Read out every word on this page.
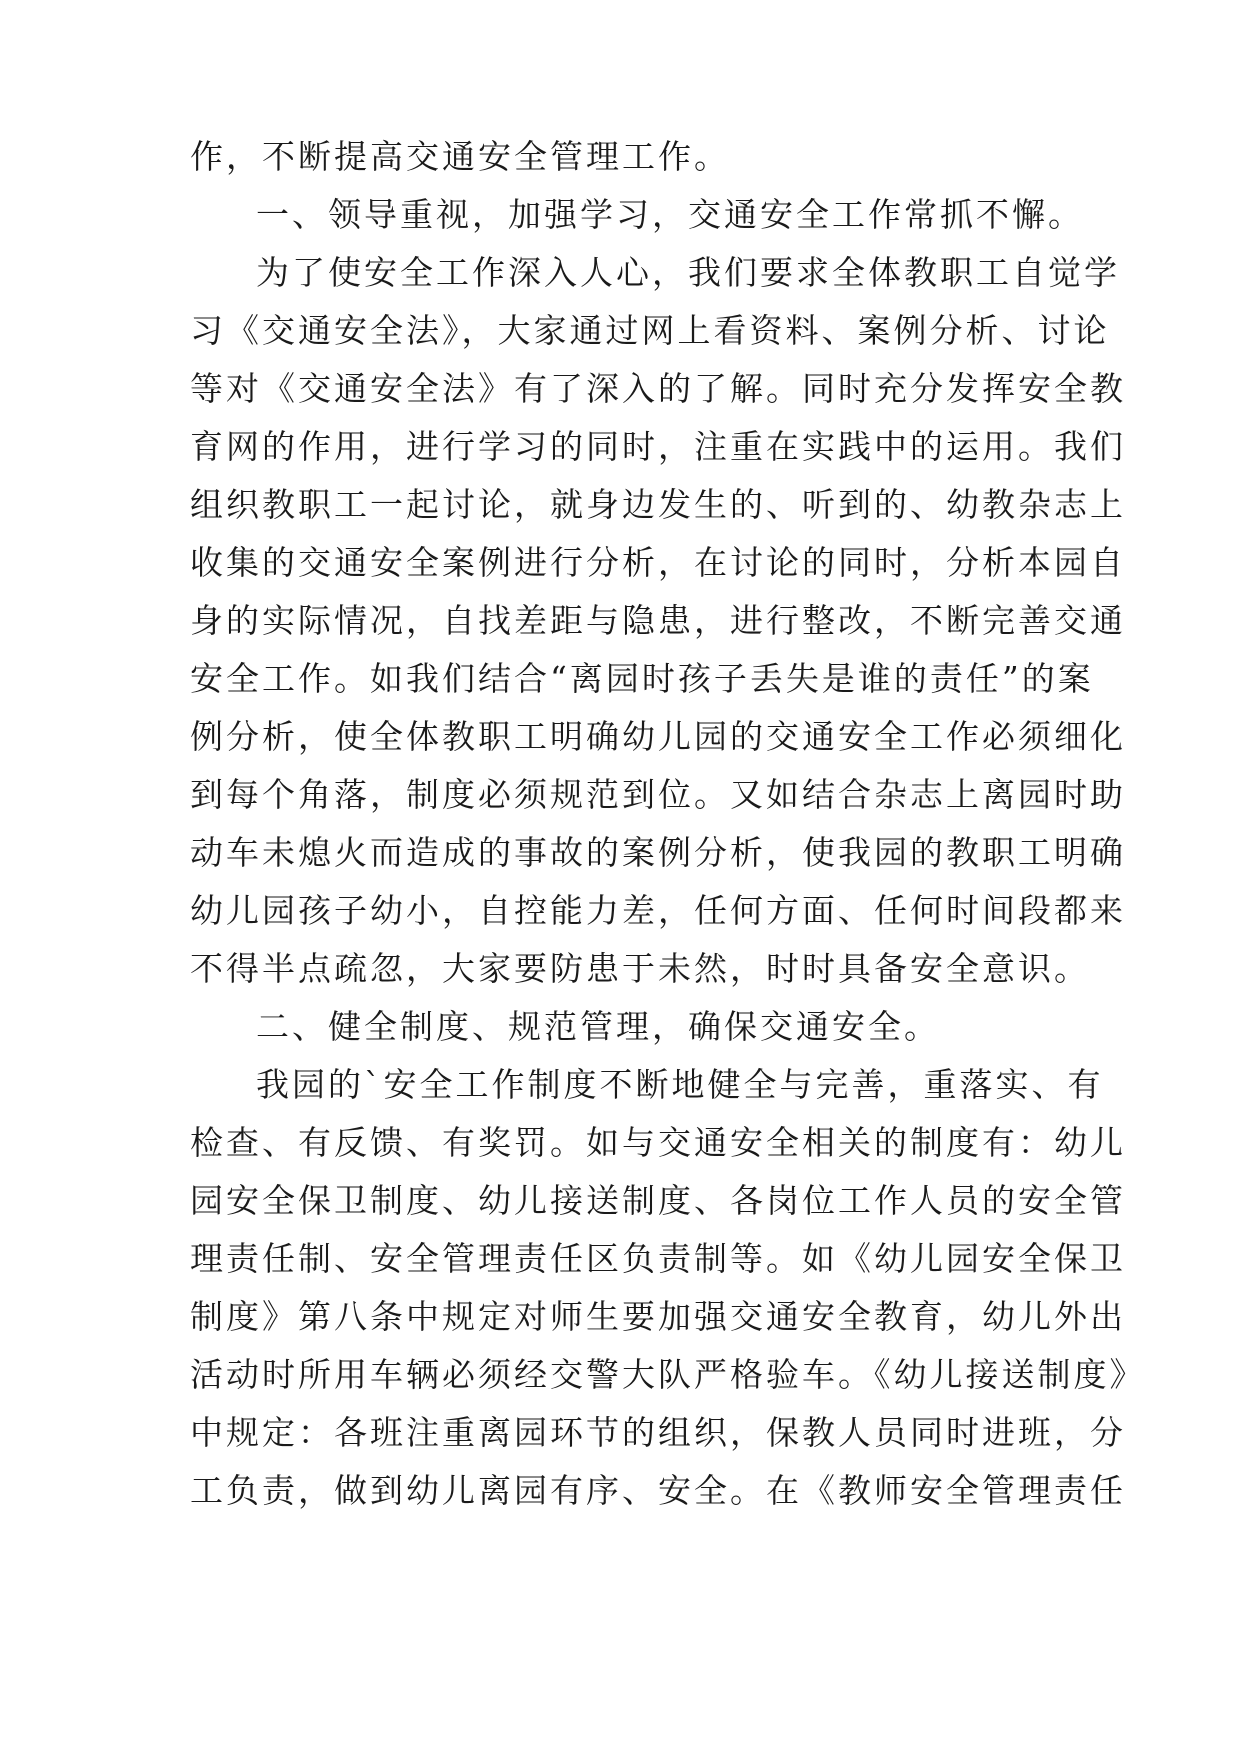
作，不断提高交通安全管理工作。
一、领导重视，加强学习，交通安全工作常抓不懈。
为了使安全工作深入人心，我们要求全体教职工自觉学
习《交通安全法》，大家通过网上看资料、案例分析、讨论
等对《交通安全法》有了深入的了解。同时充分发挥安全教
育网的作用，进行学习的同时，注重在实践中的运用。我们
组织教职工一起讨论，就身边发生的、听到的、幼教杂志上
收集的交通安全案例进行分析，在讨论的同时，分析本园自
身的实际情况，自找差距与隐患，进行整改，不断完善交通
安全工作。如我们结合“离园时孩子丢失是谁的责任”的案
例分析，使全体教职工明确幼儿园的交通安全工作必须细化
到每个角落，制度必须规范到位。又如结合杂志上离园时助
动车未熄火而造成的事故的案例分析，使我园的教职工明确
幼儿园孩子幼小，自控能力差，任何方面、任何时间段都来
不得半点疏忽，大家要防患于未然，时时具备安全意识。
二、健全制度、规范管理，确保交通安全。
我园的`安全工作制度不断地健全与完善，重落实、有
检查、有反馈、有奖罚。如与交通安全相关的制度有：幼儿
园安全保卫制度、幼儿接送制度、各岗位工作人员的安全管
理责任制、安全管理责任区负责制等。如《幼儿园安全保卫
制度》第八条中规定对师生要加强交通安全教育，幼儿外出
活动时所用车辆必须经交警大队严格验车。《幼儿接送制度》
中规定：各班注重离园环节的组织，保教人员同时进班，分
工负责，做到幼儿离园有序、安全。在《教师安全管理责任
